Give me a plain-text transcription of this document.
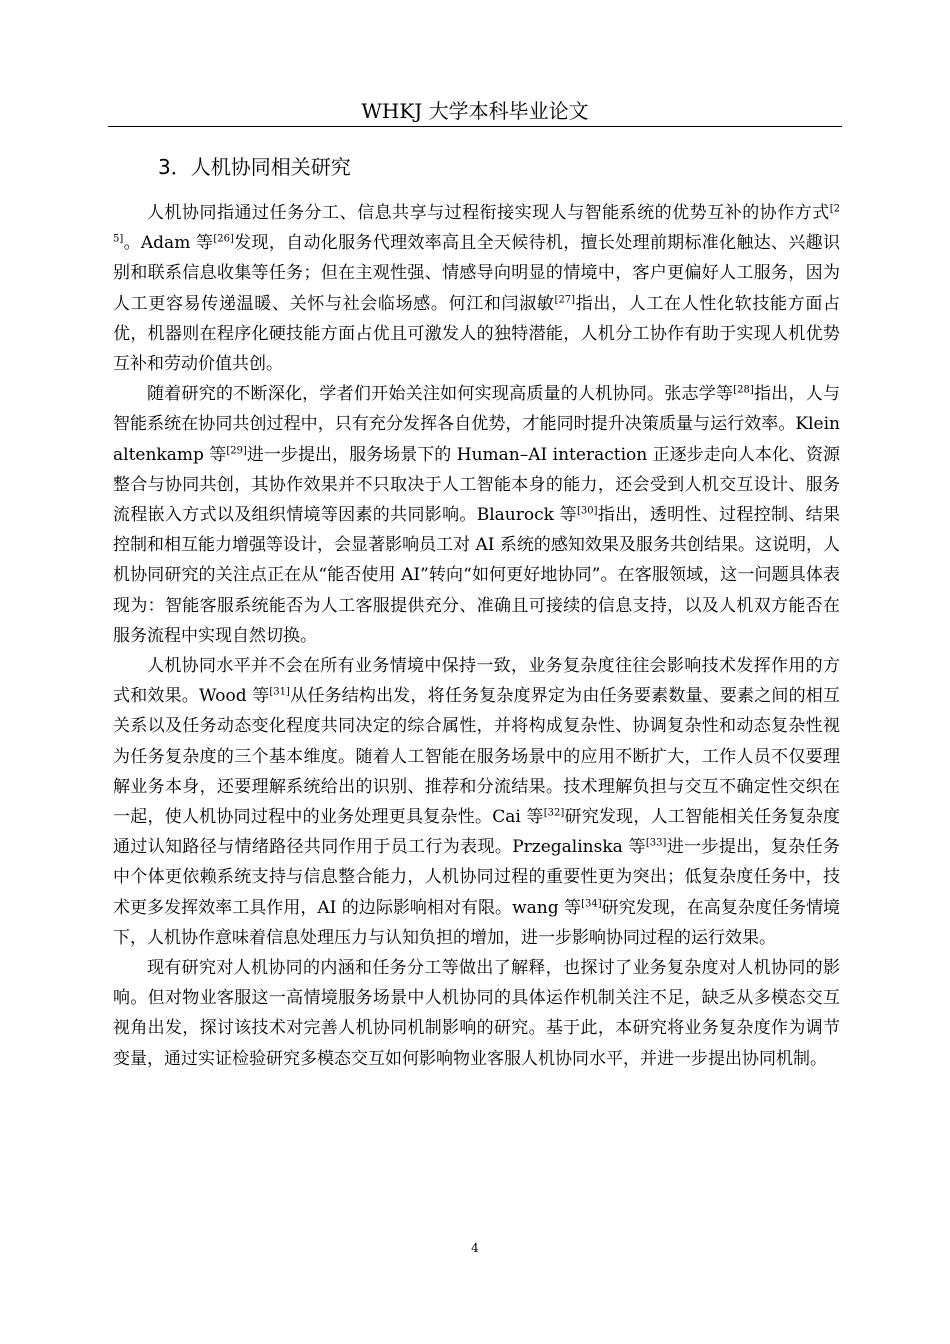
WHKJ 大学本科毕业论文
3．人机协同相关研究

人机协同指通过任务分工、信息共享与过程衔接实现人与智能系统的优势互补的协作方式[25]。Adam 等[26]发现，自动化服务代理效率高且全天候待机，擅长处理前期标准化触达、兴趣识别和联系信息收集等任务；但在主观性强、情感导向明显的情境中，客户更偏好人工服务，因为人工更容易传递温暖、关怀与社会临场感。何江和闫淑敏[27]指出，人工在人性化软技能方面占优，机器则在程序化硬技能方面占优且可激发人的独特潜能，人机分工协作有助于实现人机优势互补和劳动价值共创。

随着研究的不断深化，学者们开始关注如何实现高质量的人机协同。张志学等[28]指出，人与智能系统在协同共创过程中，只有充分发挥各自优势，才能同时提升决策质量与运行效率。Kleinaltenkamp 等[29]进一步提出，服务场景下的 Human–AI interaction 正逐步走向人本化、资源整合与协同共创，其协作效果并不只取决于人工智能本身的能力，还会受到人机交互设计、服务流程嵌入方式以及组织情境等因素的共同影响。Blaurock 等[30]指出，透明性、过程控制、结果控制和相互能力增强等设计，会显著影响员工对 AI 系统的感知效果及服务共创结果。这说明，人机协同研究的关注点正在从“能否使用 AI”转向“如何更好地协同”。在客服领域，这一问题具体表现为：智能客服系统能否为人工客服提供充分、准确且可接续的信息支持，以及人机双方能否在服务流程中实现自然切换。

人机协同水平并不会在所有业务情境中保持一致，业务复杂度往往会影响技术发挥作用的方式和效果。Wood 等[31]从任务结构出发，将任务复杂度界定为由任务要素数量、要素之间的相互关系以及任务动态变化程度共同决定的综合属性，并将构成复杂性、协调复杂性和动态复杂性视为任务复杂度的三个基本维度。随着人工智能在服务场景中的应用不断扩大，工作人员不仅要理解业务本身，还要理解系统给出的识别、推荐和分流结果。技术理解负担与交互不确定性交织在一起，使人机协同过程中的业务处理更具复杂性。Cai 等[32]研究发现，人工智能相关任务复杂度通过认知路径与情绪路径共同作用于员工行为表现。Przegalinska 等[33]进一步提出，复杂任务中个体更依赖系统支持与信息整合能力，人机协同过程的重要性更为突出；低复杂度任务中，技术更多发挥效率工具作用，AI 的边际影响相对有限。wang 等[34]研究发现，在高复杂度任务情境下，人机协作意味着信息处理压力与认知负担的增加，进一步影响协同过程的运行效果。

现有研究对人机协同的内涵和任务分工等做出了解释，也探讨了业务复杂度对人机协同的影响。但对物业客服这一高情境服务场景中人机协同的具体运作机制关注不足，缺乏从多模态交互视角出发，探讨该技术对完善人机协同机制影响的研究。基于此，本研究将业务复杂度作为调节变量，通过实证检验研究多模态交互如何影响物业客服人机协同水平，并进一步提出协同机制。

4
